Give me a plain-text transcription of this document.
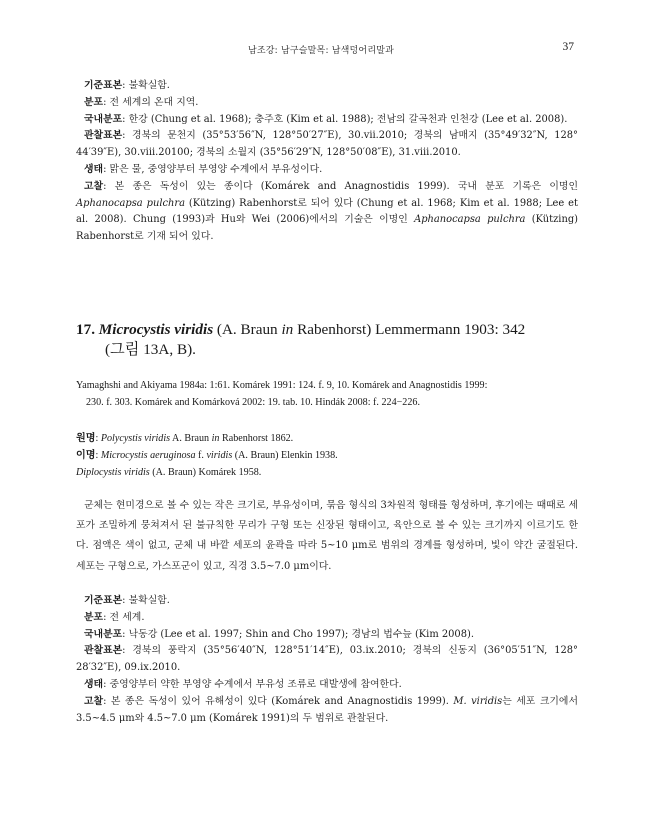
남조강: 남구슬말목: 남색덩어리말과	37

기준표본: 불확실함.

분포: 전 세계의 온대 지역.

국내분포: 한강 (Chung et al. 1968); 충주호 (Kim et al. 1988); 전남의 갈곡천과 인천강 (Lee et al. 2008).

관찰표본: 경북의 문천지 (35°53′56″N, 128°50′27″E), 30.vii.2010; 경북의 남매지 (35°49′32″N, 128° 44′39″E), 30.viii.20100; 경북의 소월지 (35°56′29″N, 128°50′08″E), 31.viii.2010.

생태: 맑은 물, 중영양부터 부영양 수계에서 부유성이다.

고찰: 본 종은 독성이 있는 종이다 (Komárek and Anagnostidis 1999). 국내 분포 기록은 이명인 Aphanocapsa pulchra (Kützing) Rabenhorst로 되어 있다 (Chung et al. 1968; Kim et al. 1988; Lee et al. 2008). Chung (1993)과 Hu와 Wei (2006)에서의 기술은 이명인 Aphanocapsa pulchra (Kützing) Rabenhorst로 기재 되어 있다.

17. Microcystis viridis (A. Braun in Rabenhorst) Lemmermann 1903: 342
(그림 13A, B).
Yamaghshi and Akiyama 1984a: 1:61. Komárek 1991: 124. f. 9, 10. Komárek and Anagnostidis 1999:
230. f. 303. Komárek and Komárková 2002: 19. tab. 10. Hindák 2008: f. 224−226.
원명: Polycystis viridis A. Braun in Rabenhorst 1862.
이명: Microcystis aeruginosa f. viridis (A. Braun) Elenkin 1938.
Diplocystis viridis (A. Braun) Komárek 1958.

군체는 현미경으로 볼 수 있는 작은 크기로, 부유성이며, 묶음 형식의 3차원적 형태를 형성하며, 후기에는 때때로 세포가 조밀하게 뭉쳐져서 된 불규칙한 무리가 구형 또는 신장된 형태이고, 육안으로 볼 수 있는 크기까지 이르기도 한다. 점액은 색이 없고, 군체 내 바깥 세포의 윤곽을 따라 5~10 μm로 범위의 경계를 형성하며, 빛이 약간 굴절된다. 세포는 구형으로, 가스포군이 있고, 직경 3.5~7.0 μm이다.

기준표본: 불확실함.

분포: 전 세계.

국내분포: 낙동강 (Lee et al. 1997; Shin and Cho 1997); 경남의 법수늪 (Kim 2008).

관찰표본: 경북의 풍락지 (35°56′40″N, 128°51′14″E), 03.ix.2010; 경북의 신동지 (36°05′51″N, 128° 28′32″E), 09.ix.2010.

생태: 중영양부터 약한 부영양 수계에서 부유성 조류로 대발생에 참여한다.

고찰: 본 종은 독성이 있어 유해성이 있다 (Komárek and Anagnostidis 1999). M. viridis는 세포 크기에서 3.5~4.5 μm와 4.5~7.0 μm (Komárek 1991)의 두 범위로 관찰된다.
